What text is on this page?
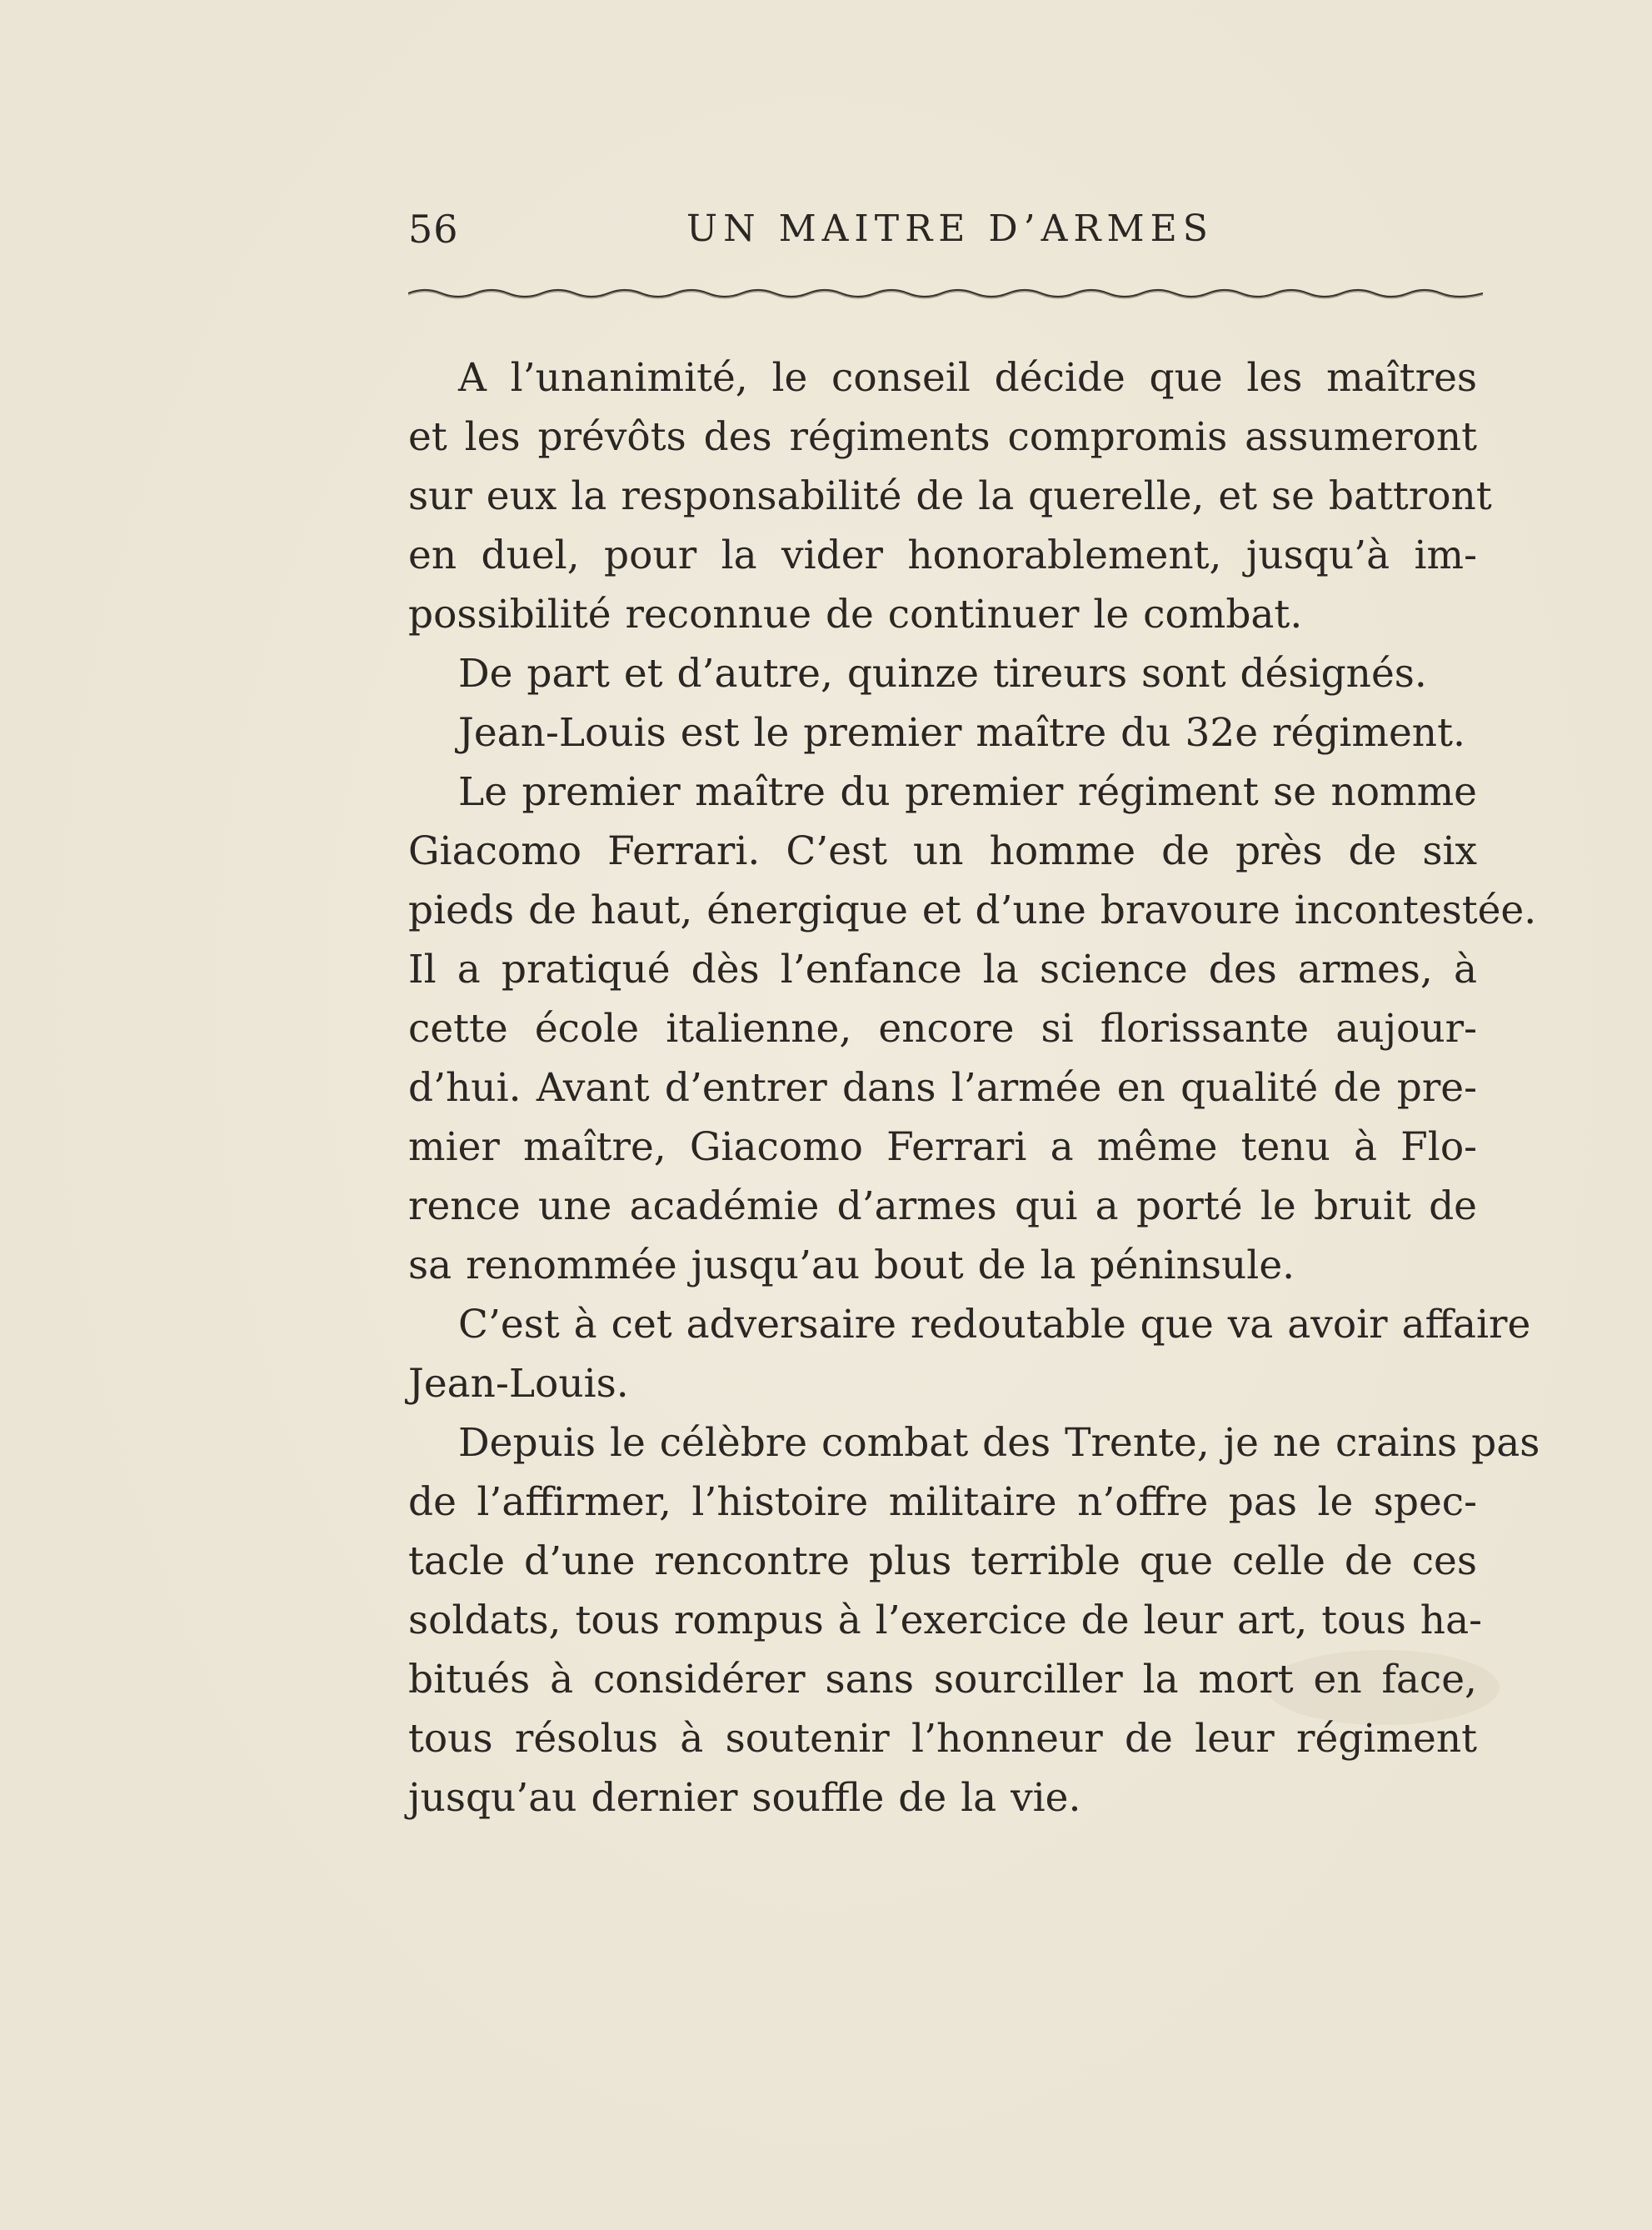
56	UN MAITRE D’ARMES
A l’unanimité, le conseil décide que les maîtres
et les prévôts des régiments compromis assumeront
sur eux la responsabilité de la querelle, et se battront
en duel, pour la vider honorablement, jusqu’à im-
possibilité reconnue de continuer le combat.
De part et d’autre, quinze tireurs sont désignés.
Jean-Louis est le premier maître du 32e régiment.
Le premier maître du premier régiment se nomme
Giacomo Ferrari. C’est un homme de près de six
pieds de haut, énergique et d’une bravoure incontestée.
Il a pratiqué dès l’enfance la science des armes, à
cette école italienne, encore si florissante aujour-
d’hui. Avant d’entrer dans l’armée en qualité de pre-
mier maître, Giacomo Ferrari a même tenu à Flo-
rence une académie d’armes qui a porté le bruit de
sa renommée jusqu’au bout de la péninsule.
C’est à cet adversaire redoutable que va avoir affaire
Jean-Louis.
Depuis le célèbre combat des Trente, je ne crains pas
de l’affirmer, l’histoire militaire n’offre pas le spec-
tacle d’une rencontre plus terrible que celle de ces
soldats, tous rompus à l’exercice de leur art, tous ha-
bitués à considérer sans sourciller la mort en face,
tous résolus à soutenir l’honneur de leur régiment
jusqu’au dernier souffle de la vie.
